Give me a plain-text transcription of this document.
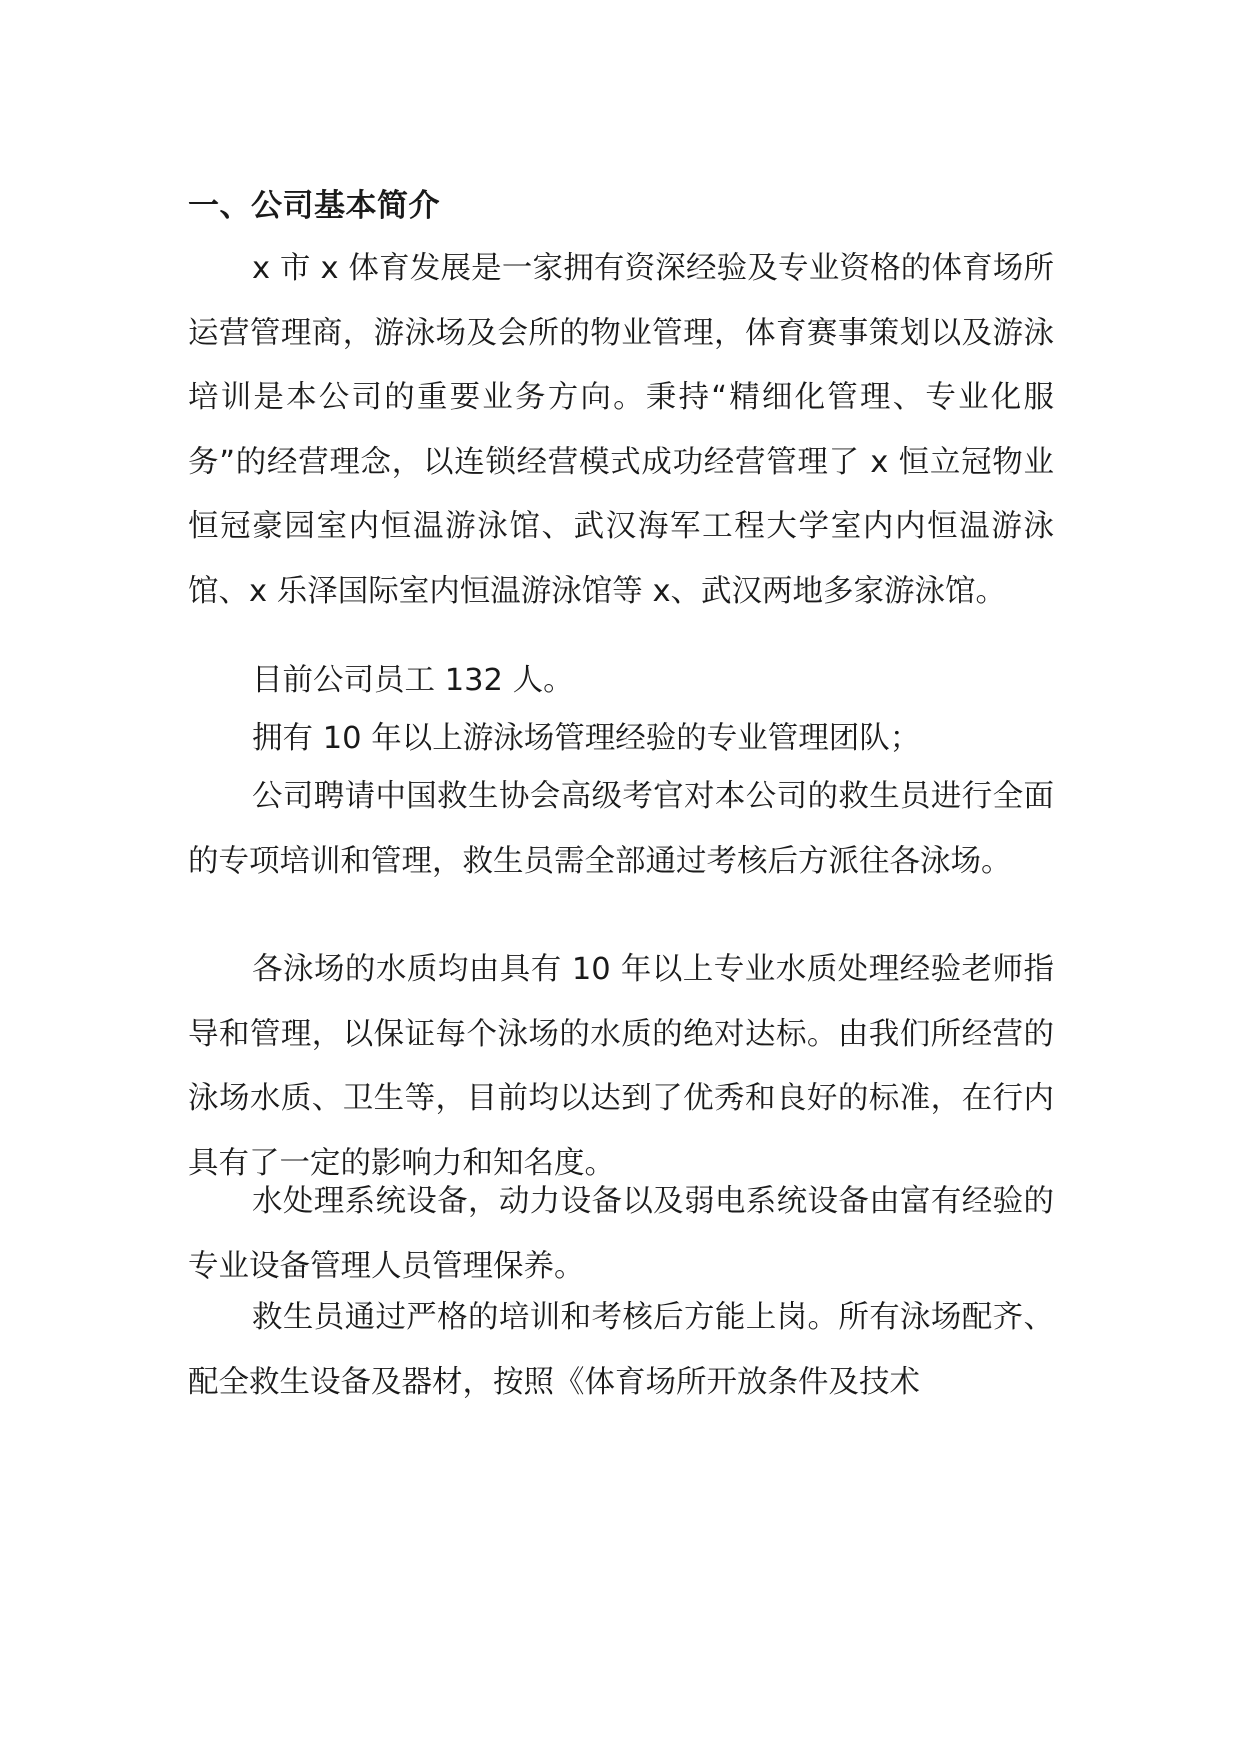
一、公司基本简介

x 市 x 体育发展是一家拥有资深经验及专业资格的体育场所运营管理商，游泳场及会所的物业管理，体育赛事策划以及游泳培训是本公司的重要业务方向。秉持“精细化管理、专业化服务”的经营理念，以连锁经营模式成功经营管理了 x 恒立冠物业恒冠豪园室内恒温游泳馆、武汉海军工程大学室内内恒温游泳馆、x 乐泽国际室内恒温游泳馆等 x、武汉两地多家游泳馆。

目前公司员工 132 人。

拥有 10 年以上游泳场管理经验的专业管理团队；

公司聘请中国救生协会高级考官对本公司的救生员进行全面的专项培训和管理，救生员需全部通过考核后方派往各泳场。

各泳场的水质均由具有 10 年以上专业水质处理经验老师指导和管理，以保证每个泳场的水质的绝对达标。由我们所经营的泳场水质、卫生等，目前均以达到了优秀和良好的标准，在行内具有了一定的影响力和知名度。

水处理系统设备，动力设备以及弱电系统设备由富有经验的专业设备管理人员管理保养。

救生员通过严格的培训和考核后方能上岗。所有泳场配齐、配全救生设备及器材，按照《体育场所开放条件及技术
